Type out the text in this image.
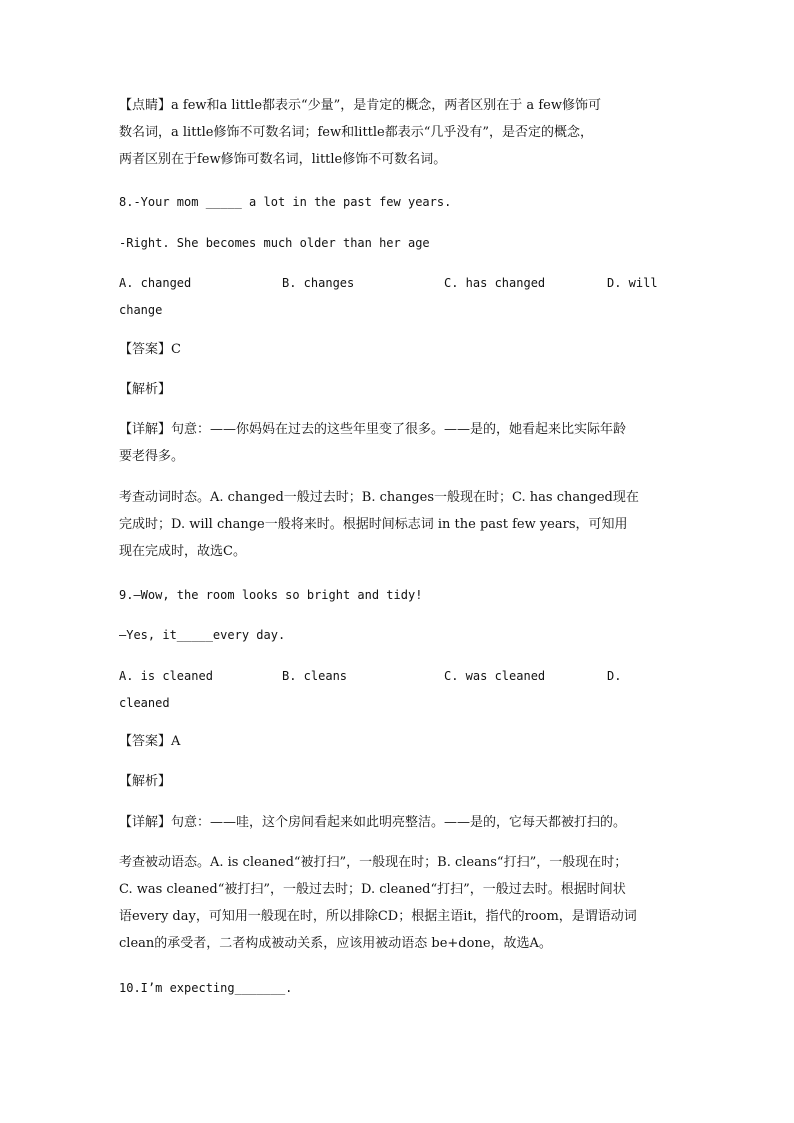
【点睛】a few和a little都表示“少量”，是肯定的概念，两者区别在于 a few修饰可
数名词，a little修饰不可数名词；few和little都表示“几乎没有”，是否定的概念，
两者区别在于few修饰可数名词，little修饰不可数名词。
8.-Your mom _____ a lot in the past few years.
-Right. She becomes much older than her age
A. changed	B. changes	C. has changed	D. will
change
【答案】C
【解析】
【详解】句意：——你妈妈在过去的这些年里变了很多。——是的，她看起来比实际年龄
要老得多。
考查动词时态。A. changed一般过去时；B. changes一般现在时；C. has changed现在
完成时；D. will change一般将来时。根据时间标志词 in the past few years，可知用
现在完成时，故选C。
9.—Wow, the room looks so bright and tidy!
—Yes, it_____every day.
A. is cleaned	B. cleans	C. was cleaned	D.
cleaned
【答案】A
【解析】
【详解】句意：——哇，这个房间看起来如此明亮整洁。——是的，它每天都被打扫的。
考查被动语态。A. is cleaned“被打扫”，一般现在时；B. cleans“打扫”，一般现在时；
C. was cleaned“被打扫”，一般过去时；D. cleaned“打扫”，一般过去时。根据时间状
语every day，可知用一般现在时，所以排除CD；根据主语it，指代的room，是谓语动词
clean的承受者，二者构成被动关系，应该用被动语态 be+done，故选A。
10.I’m expecting_______.
